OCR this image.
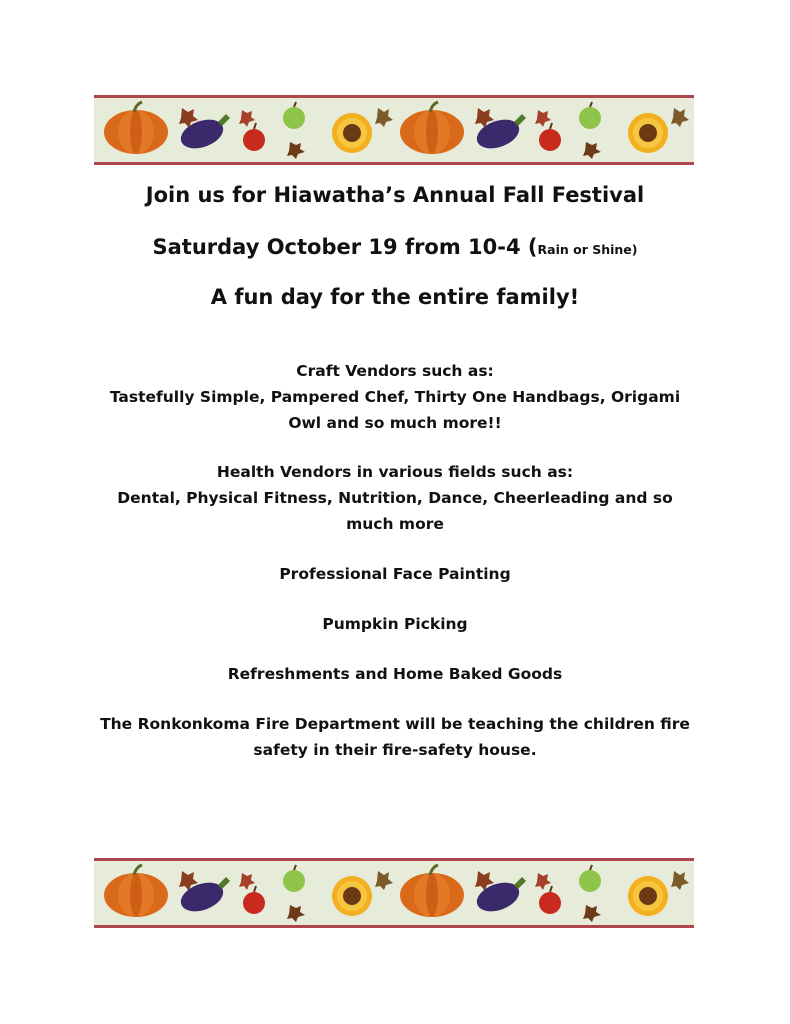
Join us for Hiawatha’s Annual Fall Festival
Saturday October 19 from 10-4 (Rain or Shine)
A fun day for the entire family!
Craft Vendors such as:
Tastefully Simple, Pampered Chef, Thirty One Handbags, Origami
Owl and so much more!!
Health Vendors in various fields such as:
Dental, Physical Fitness, Nutrition, Dance, Cheerleading and so
much more
Professional Face Painting
Pumpkin Picking
Refreshments and Home Baked Goods
The Ronkonkoma Fire Department will be teaching the children fire
safety in their fire-safety house.
